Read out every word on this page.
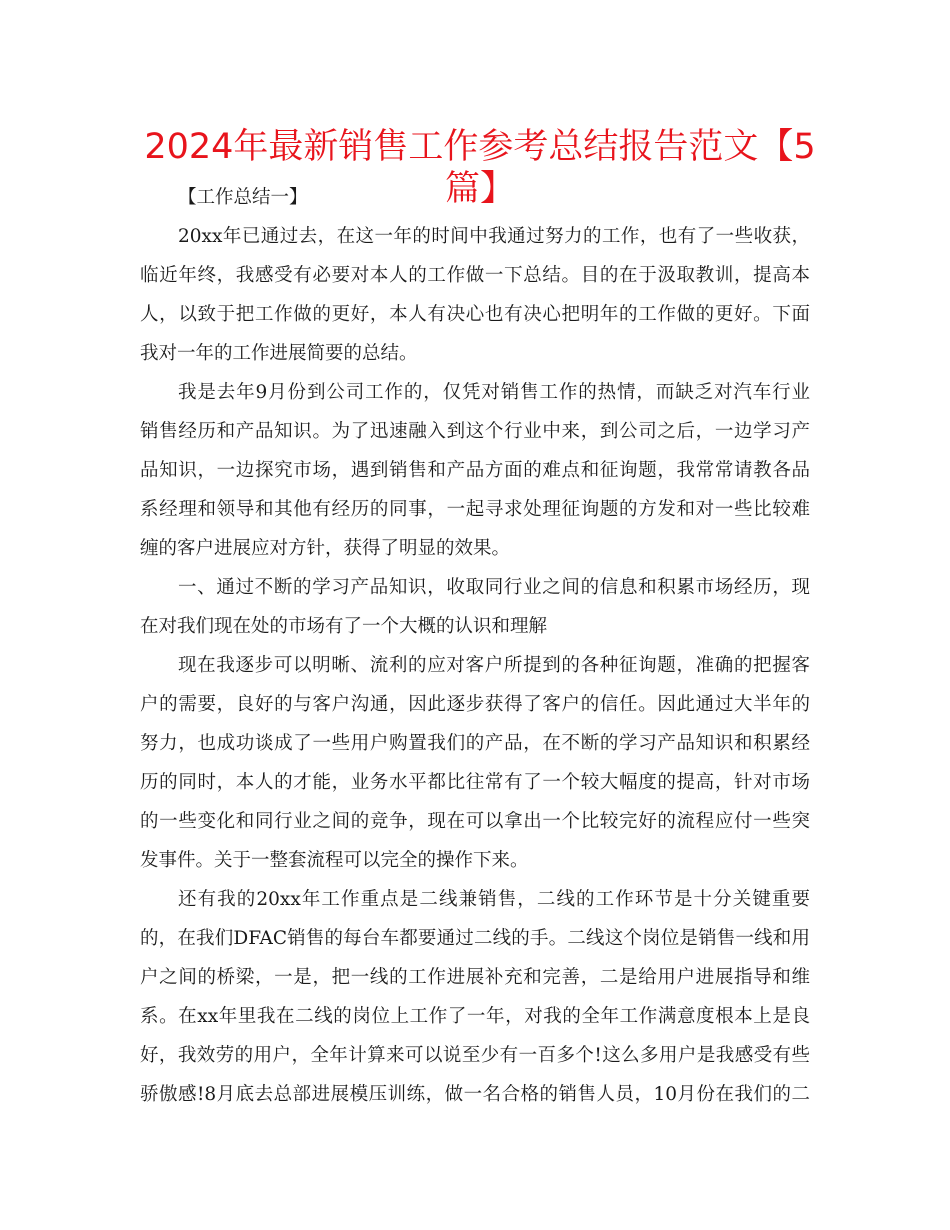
2024年最新销售工作参考总结报告范文【5
篇】
【工作总结一】
20xx年已通过去，在这一年的时间中我通过努力的工作，也有了一些收获，
临近年终，我感受有必要对本人的工作做一下总结。目的在于汲取教训，提高本
人，以致于把工作做的更好，本人有决心也有决心把明年的工作做的更好。下面
我对一年的工作进展简要的总结。
我是去年9月份到公司工作的，仅凭对销售工作的热情，而缺乏对汽车行业
销售经历和产品知识。为了迅速融入到这个行业中来，到公司之后，一边学习产
品知识，一边探究市场，遇到销售和产品方面的难点和征询题，我常常请教各品
系经理和领导和其他有经历的同事，一起寻求处理征询题的方发和对一些比较难
缠的客户进展应对方针，获得了明显的效果。
一、通过不断的学习产品知识，收取同行业之间的信息和积累市场经历，现
在对我们现在处的市场有了一个大概的认识和理解
现在我逐步可以明晰、流利的应对客户所提到的各种征询题，准确的把握客
户的需要，良好的与客户沟通，因此逐步获得了客户的信任。因此通过大半年的
努力，也成功谈成了一些用户购置我们的产品，在不断的学习产品知识和积累经
历的同时，本人的才能，业务水平都比往常有了一个较大幅度的提高，针对市场
的一些变化和同行业之间的竞争，现在可以拿出一个比较完好的流程应付一些突
发事件。关于一整套流程可以完全的操作下来。
还有我的20xx年工作重点是二线兼销售，二线的工作环节是十分关键重要
的，在我们DFAC销售的每台车都要通过二线的手。二线这个岗位是销售一线和用
户之间的桥梁，一是，把一线的工作进展补充和完善，二是给用户进展指导和维
系。在xx年里我在二线的岗位上工作了一年，对我的全年工作满意度根本上是良
好，我效劳的用户，全年计算来可以说至少有一百多个!这么多用户是我感受有些
骄傲感!8月底去总部进展模压训练，做一名合格的销售人员，10月份在我们的二
